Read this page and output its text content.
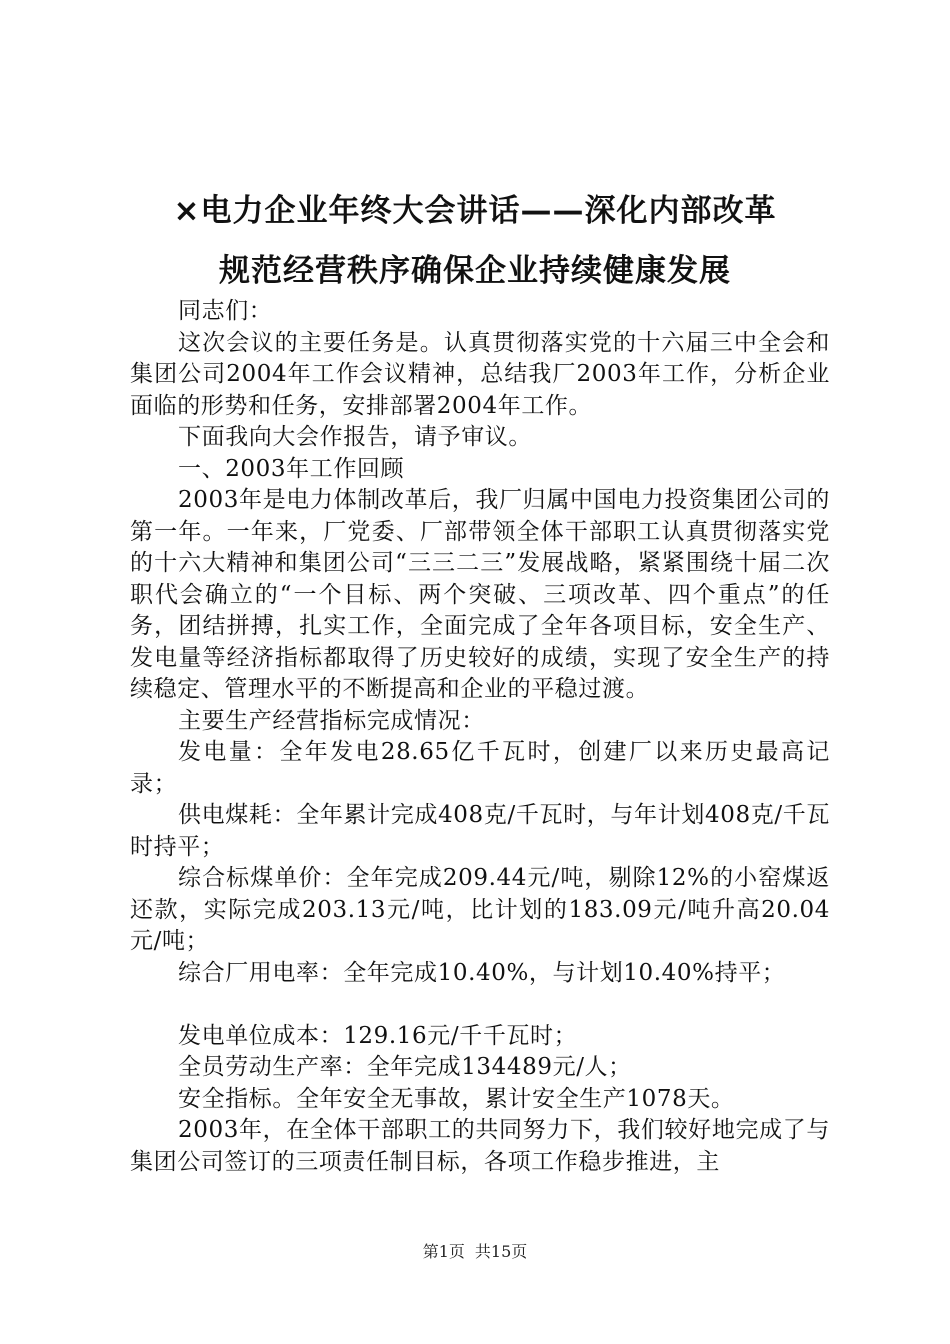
×电力企业年终大会讲话——深化内部改革
规范经营秩序确保企业持续健康发展

同志们：

这次会议的主要任务是。认真贯彻落实党的十六届三中全会和集团公司2004年工作会议精神，总结我厂2003年工作，分析企业面临的形势和任务，安排部署2004年工作。

下面我向大会作报告，请予审议。

一、2003年工作回顾

2003年是电力体制改革后，我厂归属中国电力投资集团公司的第一年。一年来，厂党委、厂部带领全体干部职工认真贯彻落实党的十六大精神和集团公司“三三二三”发展战略，紧紧围绕十届二次职代会确立的“一个目标、两个突破、三项改革、四个重点”的任务，团结拼搏，扎实工作，全面完成了全年各项目标，安全生产、发电量等经济指标都取得了历史较好的成绩，实现了安全生产的持续稳定、管理水平的不断提高和企业的平稳过渡。

主要生产经营指标完成情况：

发电量：全年发电28.65亿千瓦时，创建厂以来历史最高记录；

供电煤耗：全年累计完成408克/千瓦时，与年计划408克/千瓦时持平；

综合标煤单价：全年完成209.44元/吨，剔除12%的小窑煤返还款，实际完成203.13元/吨，比计划的183.09元/吨升高20.04元/吨；

综合厂用电率：全年完成10.40%，与计划10.40%持平；

发电单位成本：129.16元/千千瓦时；

全员劳动生产率：全年完成134489元/人；

安全指标。全年安全无事故，累计安全生产1078天。

2003年，在全体干部职工的共同努力下，我们较好地完成了与集团公司签订的三项责任制目标，各项工作稳步推进，主

第1页 共15页
